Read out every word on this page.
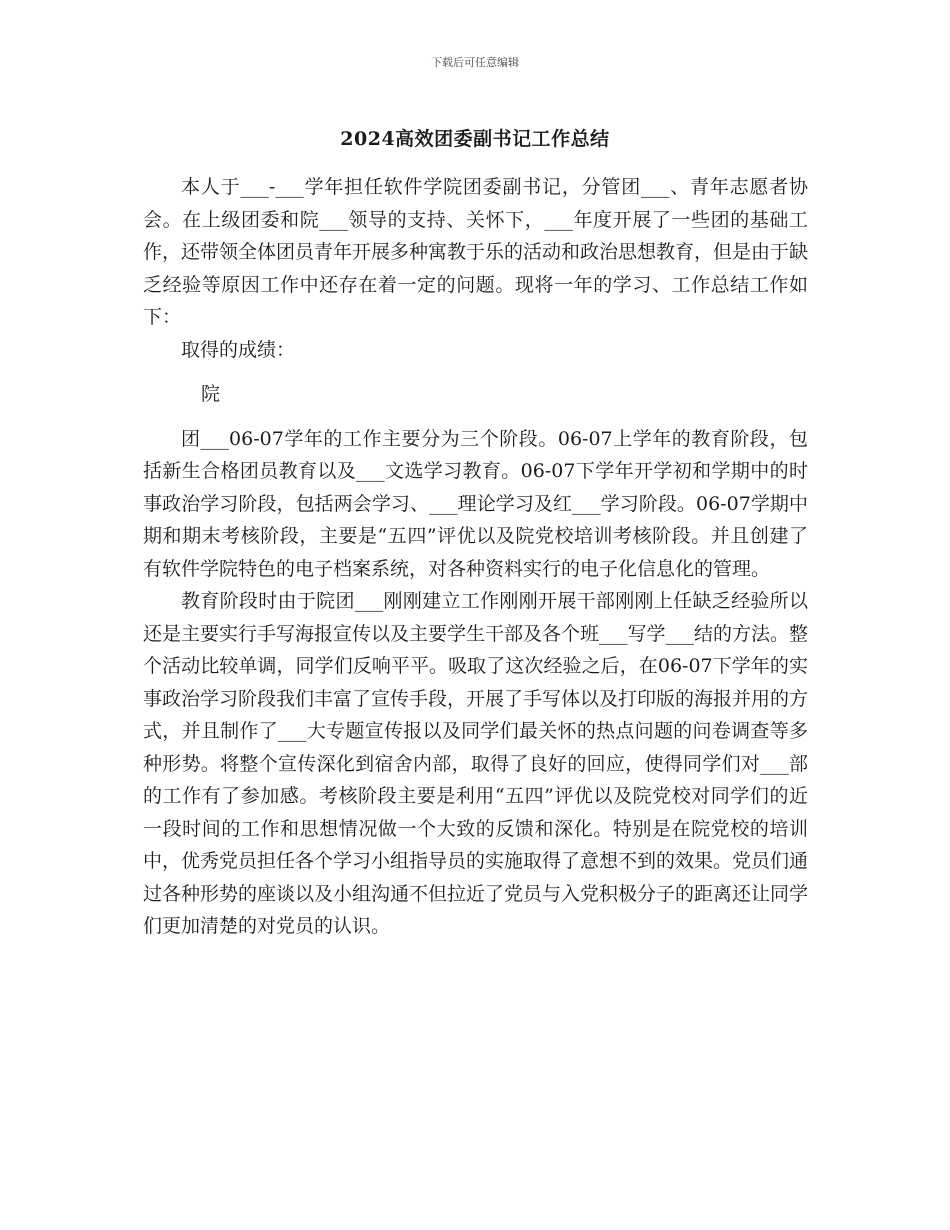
下载后可任意编辑
2024高效团委副书记工作总结

本人于___-___学年担任软件学院团委副书记，分管团___、青年志愿者协会。在上级团委和院___领导的支持、关怀下，___年度开展了一些团的基础工作，还带领全体团员青年开展多种寓教于乐的活动和政治思想教育，但是由于缺乏经验等原因工作中还存在着一定的问题。现将一年的学习、工作总结工作如下：

取得的成绩：

院

团___06-07学年的工作主要分为三个阶段。06-07上学年的教育阶段，包括新生合格团员教育以及___文选学习教育。06-07下学年开学初和学期中的时事政治学习阶段，包括两会学习、___理论学习及红___学习阶段。06-07学期中期和期末考核阶段，主要是“五四”评优以及院党校培训考核阶段。并且创建了有软件学院特色的电子档案系统，对各种资料实行的电子化信息化的管理。

教育阶段时由于院团___刚刚建立工作刚刚开展干部刚刚上任缺乏经验所以还是主要实行手写海报宣传以及主要学生干部及各个班___写学___结的方法。整个活动比较单调，同学们反响平平。吸取了这次经验之后，在06-07下学年的实事政治学习阶段我们丰富了宣传手段，开展了手写体以及打印版的海报并用的方式，并且制作了___大专题宣传报以及同学们最关怀的热点问题的问卷调查等多种形势。将整个宣传深化到宿舍内部，取得了良好的回应，使得同学们对___部的工作有了参加感。考核阶段主要是利用“五四”评优以及院党校对同学们的近一段时间的工作和思想情况做一个大致的反馈和深化。特别是在院党校的培训中，优秀党员担任各个学习小组指导员的实施取得了意想不到的效果。党员们通过各种形势的座谈以及小组沟通不但拉近了党员与入党积极分子的距离还让同学们更加清楚的对党员的认识。
